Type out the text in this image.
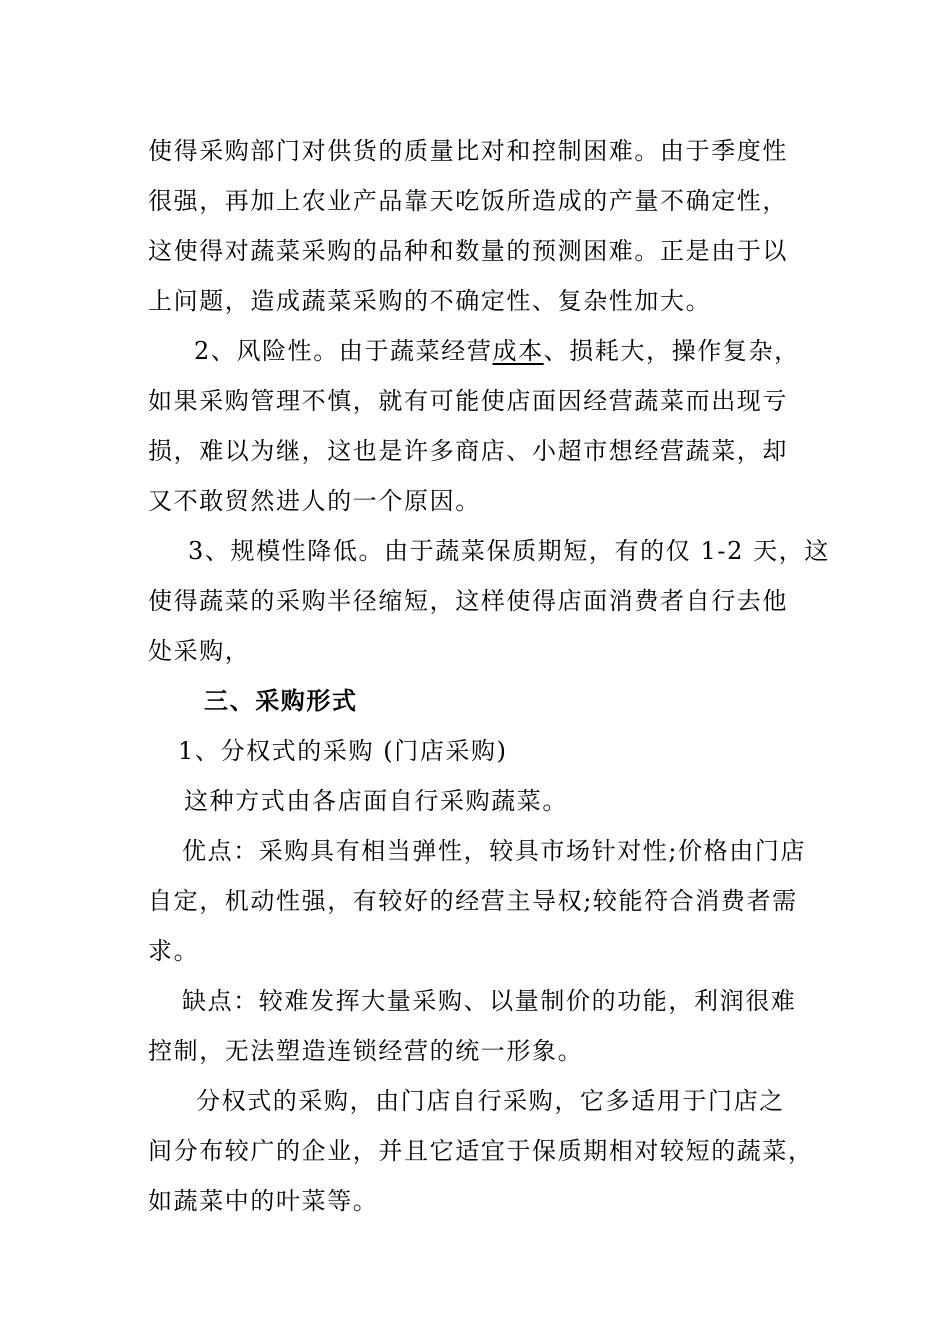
使得采购部门对供货的质量比对和控制困难。由于季度性
很强，再加上农业产品靠天吃饭所造成的产量不确定性，
这使得对蔬菜采购的品种和数量的预测困难。正是由于以
上问题，造成蔬菜采购的不确定性、复杂性加大。
2、风险性。由于蔬菜经营成本、损耗大，操作复杂，
如果采购管理不慎，就有可能使店面因经营蔬菜而出现亏
损，难以为继，这也是许多商店、小超市想经营蔬菜，却
又不敢贸然进人的一个原因。
3、规模性降低。由于蔬菜保质期短，有的仅 1-2 天，这
使得蔬菜的采购半径缩短，这样使得店面消费者自行去他
处采购，
三、采购形式
1、分权式的采购 (门店采购)
这种方式由各店面自行采购蔬菜。
优点：采购具有相当弹性，较具市场针对性;价格由门店
自定，机动性强，有较好的经营主导权;较能符合消费者需
求。
缺点：较难发挥大量采购、以量制价的功能，利润很难
控制，无法塑造连锁经营的统一形象。
分权式的采购，由门店自行采购，它多适用于门店之
间分布较广的企业，并且它适宜于保质期相对较短的蔬菜，
如蔬菜中的叶菜等。
